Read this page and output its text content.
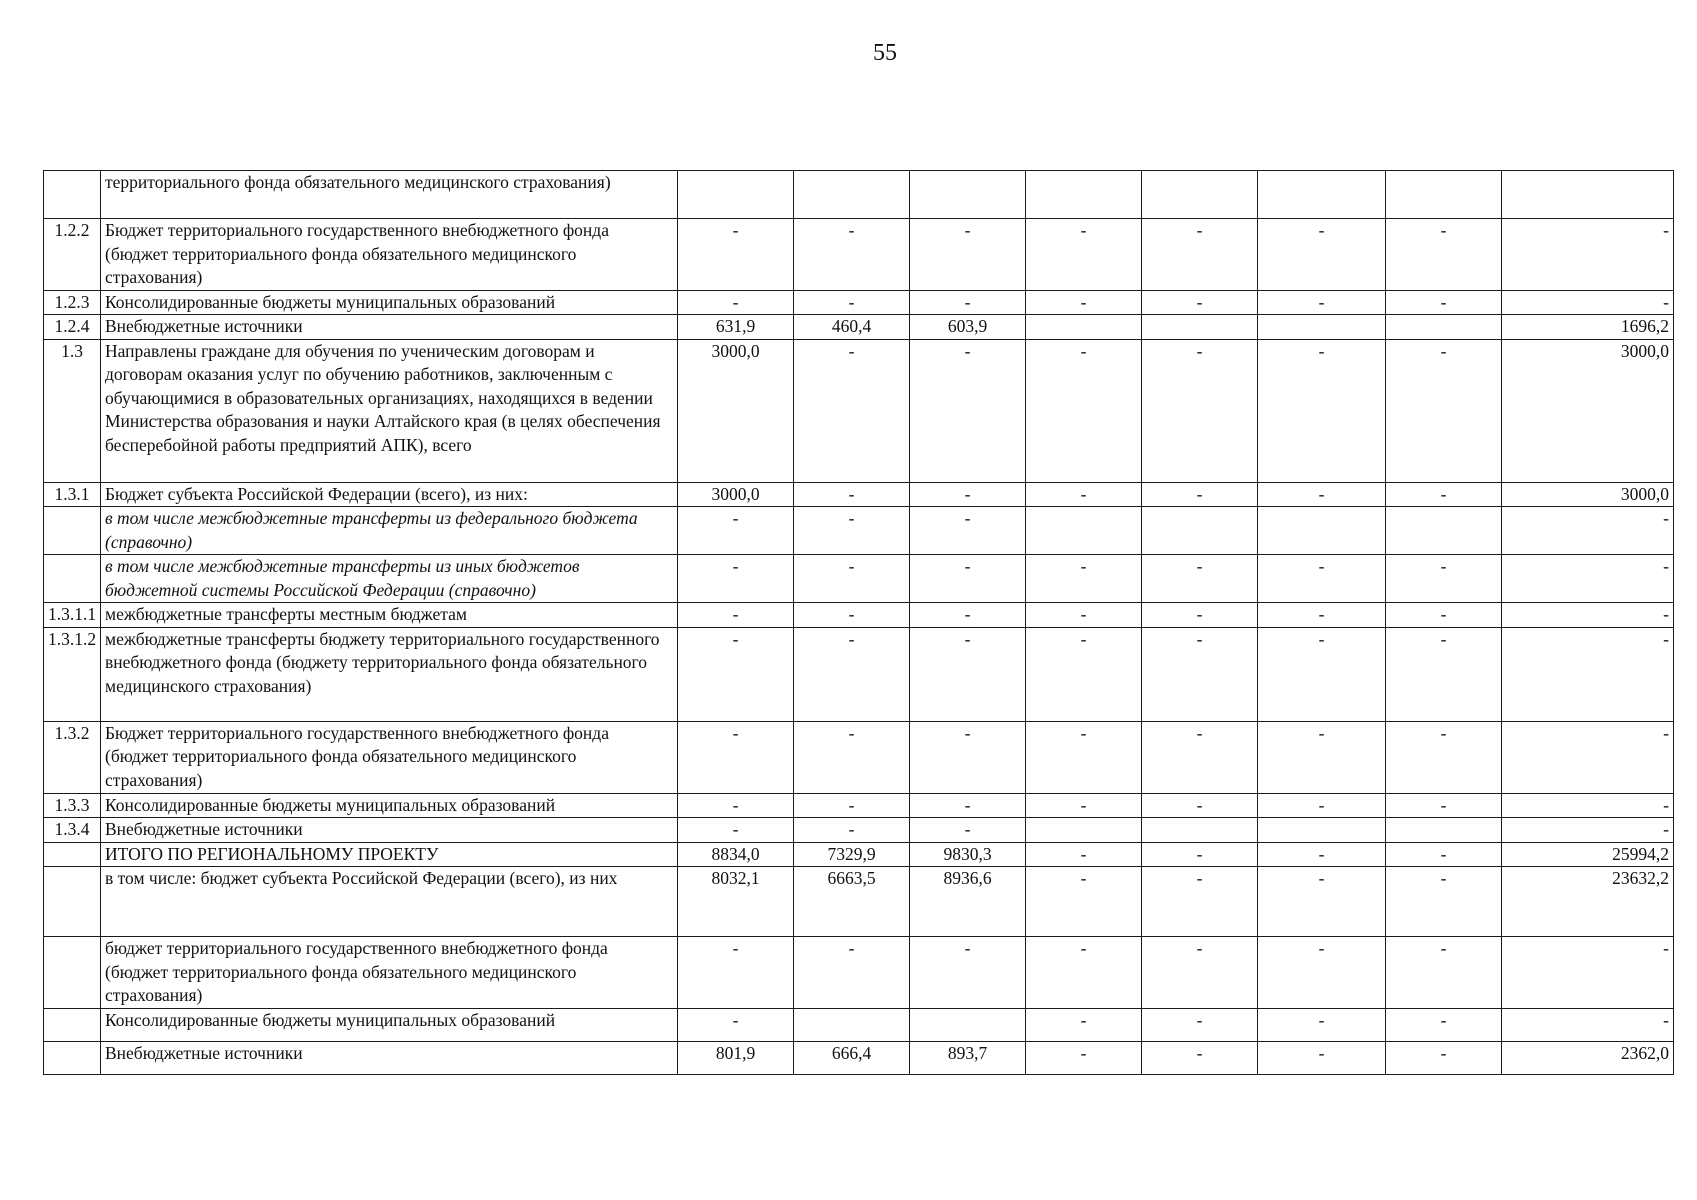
55
	территориального фонда обязательного медицинского страхования)								
1.2.2	Бюджет территориального государственного внебюджетного фонда (бюджет территориального фонда обязательного медицинского страхования)	-	-	-	-	-	-	-	-
1.2.3	Консолидированные бюджеты муниципальных образований	-	-	-	-	-	-	-	-
1.2.4	Внебюджетные источники	631,9	460,4	603,9					1696,2
1.3	Направлены граждане для обучения по ученическим договорам и договорам оказания услуг по обучению работников, заключенным с обучающимися в образовательных организациях, находящихся в ведении Министерства образования и науки Алтайского края (в целях обеспечения бесперебойной работы предприятий АПК), всего	3000,0	-	-	-	-	-	-	3000,0
1.3.1	Бюджет субъекта Российской Федерации (всего), из них:	3000,0	-	-	-	-	-	-	3000,0
	в том числе межбюджетные трансферты из федерального бюджета (справочно)	-	-	-					-
	в том числе межбюджетные трансферты из иных бюджетов бюджетной системы Российской Федерации (справочно)	-	-	-	-	-	-	-	-
1.3.1.1	межбюджетные трансферты местным бюджетам	-	-	-	-	-	-	-	-
1.3.1.2	межбюджетные трансферты бюджету территориального государственного внебюджетного фонда (бюджету территориального фонда обязательного медицинского страхования)	-	-	-	-	-	-	-	-
1.3.2	Бюджет территориального государственного внебюджетного фонда (бюджет территориального фонда обязательного медицинского страхования)	-	-	-	-	-	-	-	-
1.3.3	Консолидированные бюджеты муниципальных образований	-	-	-	-	-	-	-	-
1.3.4	Внебюджетные источники	-	-	-					-
	ИТОГО ПО РЕГИОНАЛЬНОМУ ПРОЕКТУ	8834,0	7329,9	9830,3	-	-	-	-	25994,2
	в том числе: бюджет субъекта Российской Федерации (всего), из них	8032,1	6663,5	8936,6	-	-	-	-	23632,2
	бюджет территориального государственного внебюджетного фонда (бюджет территориального фонда обязательного медицинского страхования)	-	-	-	-	-	-	-	-
	Консолидированные бюджеты муниципальных образований	-			-	-	-	-	-
	Внебюджетные источники	801,9	666,4	893,7	-	-	-	-	2362,0
